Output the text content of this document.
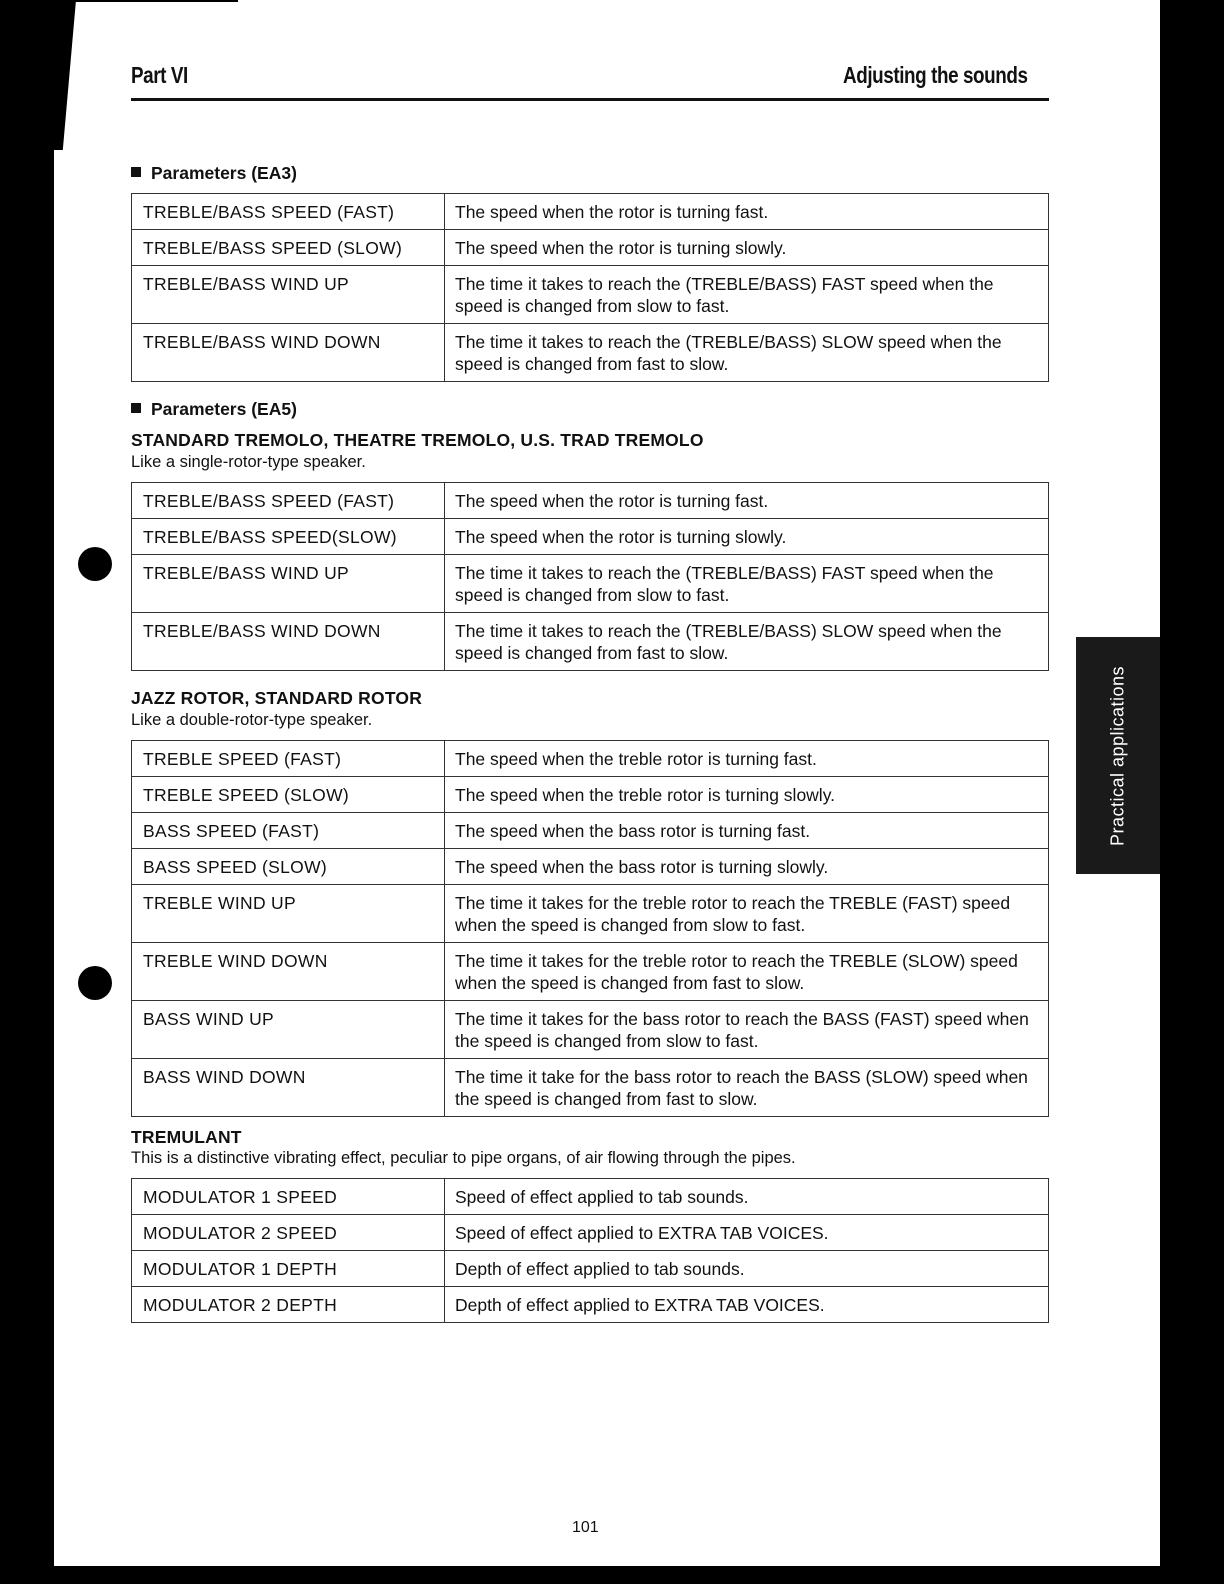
Part VI	Adjusting the sounds
Parameters (EA3)
TREBLE/BASS SPEED (FAST)	The speed when the rotor is turning fast.
TREBLE/BASS SPEED (SLOW)	The speed when the rotor is turning slowly.
TREBLE/BASS WIND UP	The time it takes to reach the (TREBLE/BASS) FAST speed when the speed is changed from slow to fast.
TREBLE/BASS WIND DOWN	The time it takes to reach the (TREBLE/BASS) SLOW speed when the speed is changed from fast to slow.
Parameters (EA5)
STANDARD TREMOLO, THEATRE TREMOLO, U.S. TRAD TREMOLO
Like a single-rotor-type speaker.
TREBLE/BASS SPEED (FAST)	The speed when the rotor is turning fast.
TREBLE/BASS SPEED(SLOW)	The speed when the rotor is turning slowly.
TREBLE/BASS WIND UP	The time it takes to reach the (TREBLE/BASS) FAST speed when the speed is changed from slow to fast.
TREBLE/BASS WIND DOWN	The time it takes to reach the (TREBLE/BASS) SLOW speed when the speed is changed from fast to slow.
JAZZ ROTOR, STANDARD ROTOR
Like a double-rotor-type speaker.
TREBLE SPEED (FAST)	The speed when the treble rotor is turning fast.
TREBLE SPEED (SLOW)	The speed when the treble rotor is turning slowly.
BASS SPEED (FAST)	The speed when the bass rotor is turning fast.
BASS SPEED (SLOW)	The speed when the bass rotor is turning slowly.
TREBLE WIND UP	The time it takes for the treble rotor to reach the TREBLE (FAST) speed when the speed is changed from slow to fast.
TREBLE WIND DOWN	The time it takes for the treble rotor to reach the TREBLE (SLOW) speed when the speed is changed from fast to slow.
BASS WIND UP	The time it takes for the bass rotor to reach the BASS (FAST) speed when the speed is changed from slow to fast.
BASS WIND DOWN	The time it take for the bass rotor to reach the BASS (SLOW) speed when the speed is changed from fast to slow.
TREMULANT
This is a distinctive vibrating effect, peculiar to pipe organs, of air flowing through the pipes.
MODULATOR 1 SPEED	Speed of effect applied to tab sounds.
MODULATOR 2 SPEED	Speed of effect applied to EXTRA TAB VOICES.
MODULATOR 1 DEPTH	Depth of effect applied to tab sounds.
MODULATOR 2 DEPTH	Depth of effect applied to EXTRA TAB VOICES.
Practical applications
101
